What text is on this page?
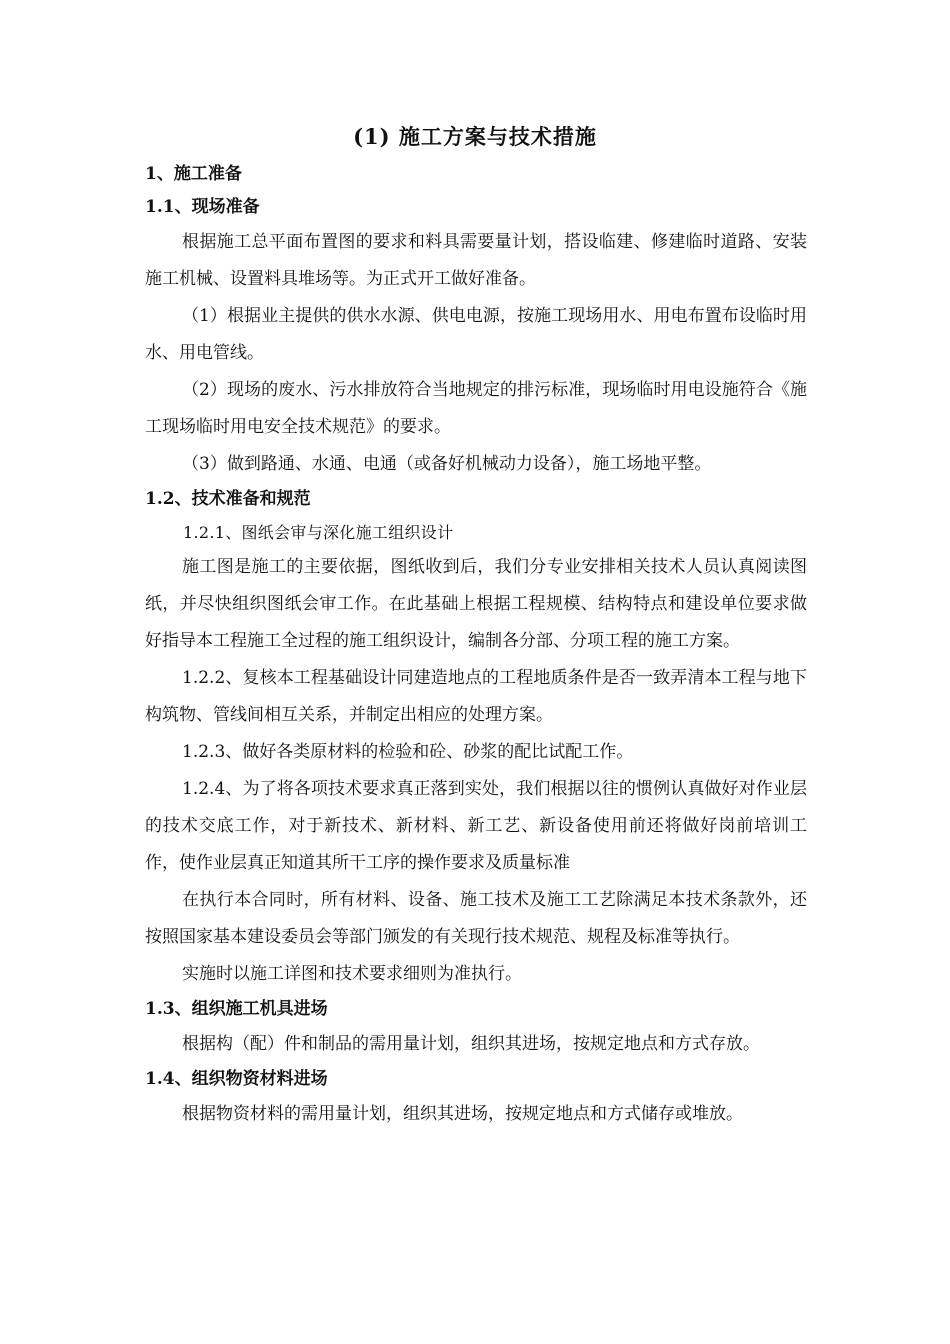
(1) 施工方案与技术措施
1、施工准备
1.1、现场准备

根据施工总平面布置图的要求和料具需要量计划，搭设临建、修建临时道路、安装施工机械、设置料具堆场等。为正式开工做好准备。

（1）根据业主提供的供水水源、供电电源，按施工现场用水、用电布置布设临时用水、用电管线。

（2）现场的废水、污水排放符合当地规定的排污标准，现场临时用电设施符合《施工现场临时用电安全技术规范》的要求。

（3）做到路通、水通、电通（或备好机械动力设备），施工场地平整。

1.2、技术准备和规范
1.2.1、图纸会审与深化施工组织设计

施工图是施工的主要依据，图纸收到后，我们分专业安排相关技术人员认真阅读图纸，并尽快组织图纸会审工作。在此基础上根据工程规模、结构特点和建设单位要求做好指导本工程施工全过程的施工组织设计，编制各分部、分项工程的施工方案。

1.2.2、复核本工程基础设计同建造地点的工程地质条件是否一致弄清本工程与地下构筑物、管线间相互关系，并制定出相应的处理方案。

1.2.3、做好各类原材料的检验和砼、砂浆的配比试配工作。

1.2.4、为了将各项技术要求真正落到实处，我们根据以往的惯例认真做好对作业层的技术交底工作，对于新技术、新材料、新工艺、新设备使用前还将做好岗前培训工作，使作业层真正知道其所干工序的操作要求及质量标准

在执行本合同时，所有材料、设备、施工技术及施工工艺除满足本技术条款外，还按照国家基本建设委员会等部门颁发的有关现行技术规范、规程及标准等执行。

实施时以施工详图和技术要求细则为准执行。

1.3、组织施工机具进场

根据构（配）件和制品的需用量计划，组织其进场，按规定地点和方式存放。

1.4、组织物资材料进场

根据物资材料的需用量计划，组织其进场，按规定地点和方式储存或堆放。
